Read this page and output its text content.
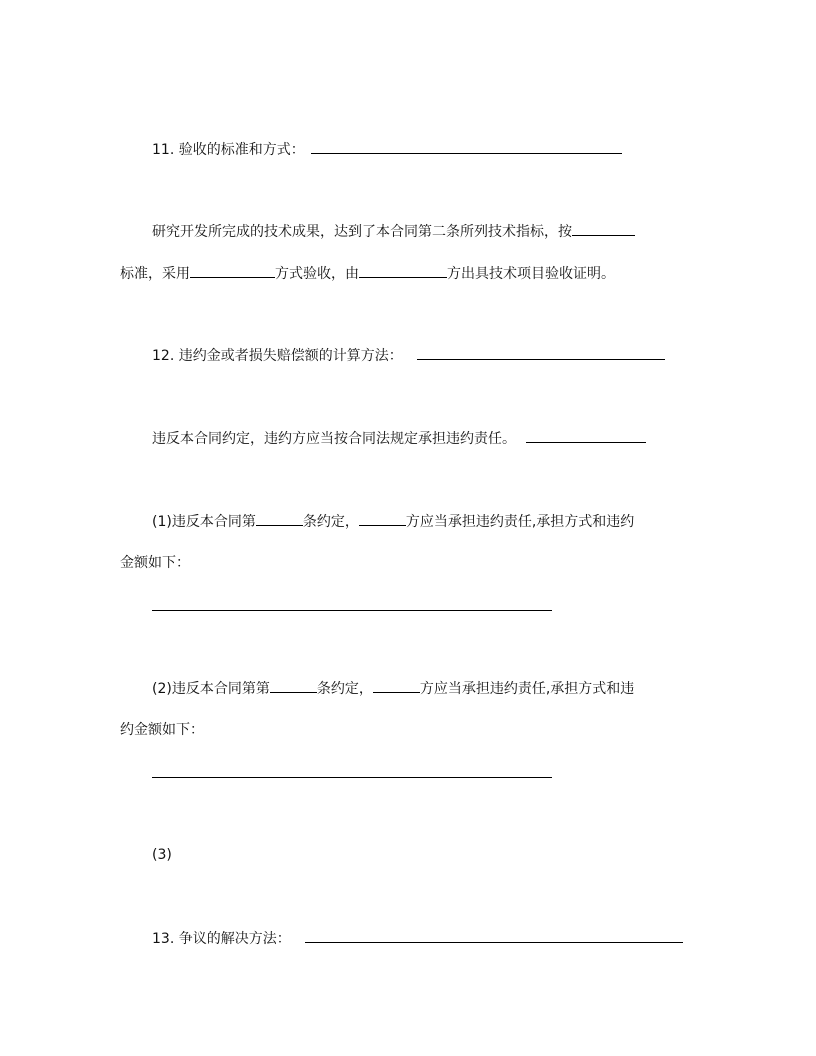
11. 验收的标准和方式：
研究开发所完成的技术成果，达到了本合同第二条所列技术指标，按
标准，采用	方式验收，由	方出具技术项目验收证明。
12. 违约金或者损失赔偿额的计算方法：
违反本合同约定，违约方应当按合同法规定承担违约责任。
(1)违反本合同第	条约定，	方应当承担违约责任,承担方式和违约
金额如下：
(2)违反本合同第第	条约定，	方应当承担违约责任,承担方式和违
约金额如下：
(3)
13. 争议的解决方法：
